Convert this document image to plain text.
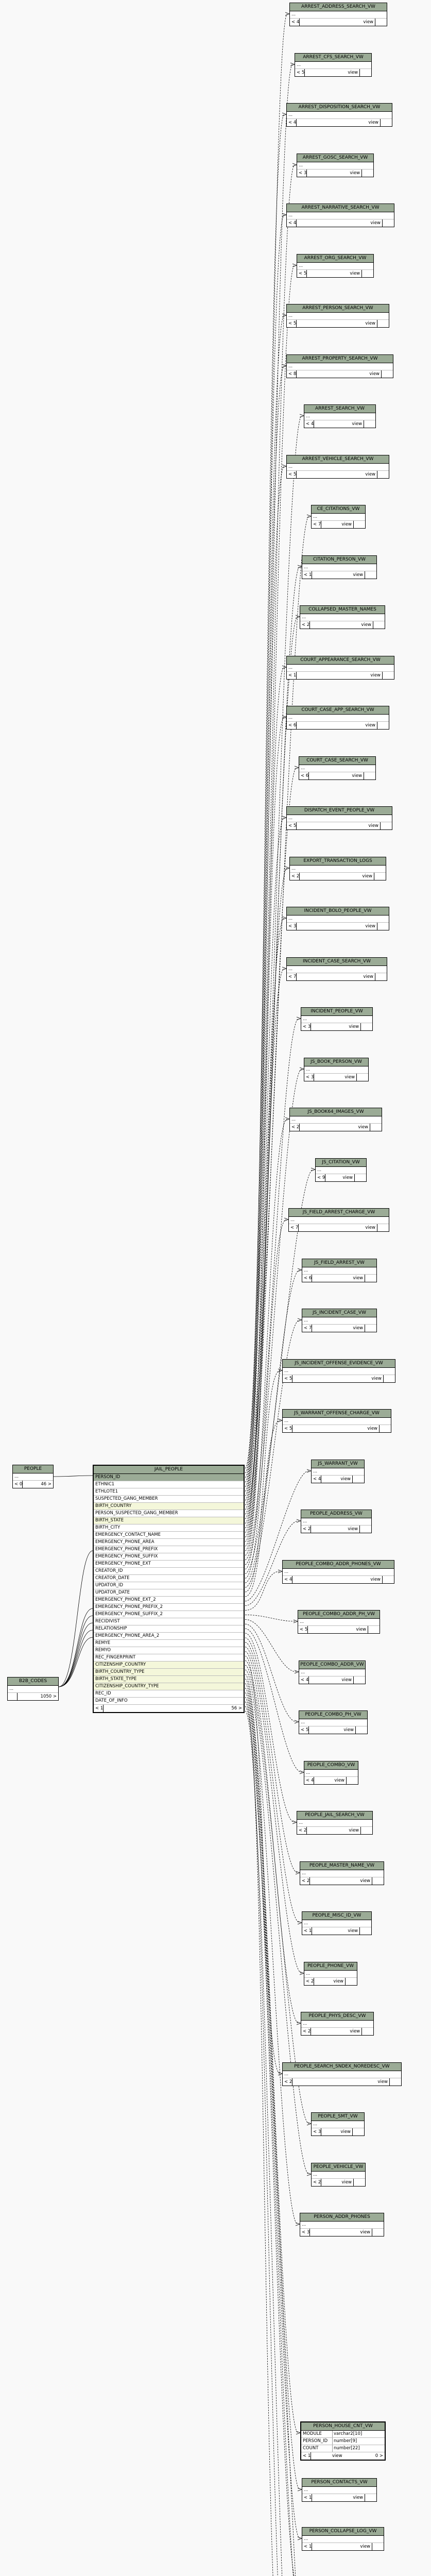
PEOPLE
...
< 0	46 >
B2B_CODES
...
1050 >
JAIL_PEOPLE
PERSON_ID
ETHNIC1
ETHLOTE1
SUSPECTED_GANG_MEMBER
BIRTH_COUNTRY
PERSON_SUSPECTED_GANG_MEMBER
BIRTH_STATE
BIRTH_CITY
EMERGENCY_CONTACT_NAME
EMERGENCY_PHONE_AREA
EMERGENCY_PHONE_PREFIX
EMERGENCY_PHONE_SUFFIX
EMERGENCY_PHONE_EXT
CREATOR_ID
CREATOR_DATE
UPDATOR_ID
UPDATOR_DATE
EMERGENCY_PHONE_EXT_2
EMERGENCY_PHONE_PREFIX_2
EMERGENCY_PHONE_SUFFIX_2
RECIDIVIST
RELATIONSHIP
EMERGENCY_PHONE_AREA_2
REMYE
REMYO
REC_FINGERPRINT
CITIZENSHIP_COUNTRY
BIRTH_COUNTRY_TYPE
BIRTH_STATE_TYPE
CITIZENSHIP_COUNTRY_TYPE
REC_ID
DATE_OF_INFO
< 1	56 >
ARREST_ADDRESS_SEARCH_VW
...
< 4	view
ARREST_CFS_SEARCH_VW
...
< 5	view
ARREST_DISPOSITION_SEARCH_VW
...
< 4	view
ARREST_GOSC_SEARCH_VW
...
< 3	view
ARREST_NARRATIVE_SEARCH_VW
...
< 4	view
ARREST_ORG_SEARCH_VW
...
< 5	view
ARREST_PERSON_SEARCH_VW
...
< 5	view
ARREST_PROPERTY_SEARCH_VW
...
< 8	view
ARREST_SEARCH_VW
...
< 4	view
ARREST_VEHICLE_SEARCH_VW
...
< 5	view
CE_CITATIONS_VW
...
< 7	view
CITATION_PERSON_VW
...
< 1	view
COLLAPSED_MASTER_NAMES
...
< 2	view
COURT_APPEARANCE_SEARCH_VW
...
< 1	view
COURT_CASE_APP_SEARCH_VW
...
< 6	view
COURT_CASE_SEARCH_VW
...
< 6	view
DISPATCH_EVENT_PEOPLE_VW
...
< 5	view
EXPORT_TRANSACTION_LOGS
...
< 2	view
INCIDENT_BOLO_PEOPLE_VW
...
< 3	view
INCIDENT_CASE_SEARCH_VW
...
< 7	view
INCIDENT_PEOPLE_VW
...
< 3	view
JS_BOOK_PERSON_VW
...
< 3	view
JS_BOOK64_IMAGES_VW
...
< 2	view
JS_CITATION_VW
...
< 9	view
JS_FIELD_ARREST_CHARGE_VW
...
< 7	view
JS_FIELD_ARREST_VW
...
< 6	view
JS_INCIDENT_CASE_VW
...
< 7	view
JS_INCIDENT_OFFENSE_EVIDENCE_VW
...
< 5	view
JS_WARRANT_OFFENSE_CHARGE_VW
...
< 5	view
JS_WARRANT_VW
...
< 4	view
PEOPLE_ADDRESS_VW
...
< 2	view
PEOPLE_COMBO_ADDR_PHONES_VW
...
< 4	view
PEOPLE_COMBO_ADDR_PH_VW
...
< 5	view
PEOPLE_COMBO_ADDR_VW
...
< 4	view
PEOPLE_COMBO_PH_VW
...
< 5	view
PEOPLE_COMBO_VW
...
< 4	view
PEOPLE_JAIL_SEARCH_VW
...
< 2	view
PEOPLE_MASTER_NAME_VW
...
< 2	view
PEOPLE_MISC_ID_VW
...
< 1	view
PEOPLE_PHONE_VW
...
< 2	view
PEOPLE_PHYS_DESC_VW
...
< 2	view
PEOPLE_SEARCH_SNDEX_NOREDESC_VW
...
< 2	view
PEOPLE_SMT_VW
...
< 3	view
PEOPLE_VEHICLE_VW
...
< 2	view
PERSON_ADDR_PHONES
...
< 3	view
PERSON_CONTACTS_VW
...
< 1	view
PERSON_COLLAPSE_LOG_VW
...
< 1	view
PERSON_HOUSE_CNT_VW
MODULE	varchar2[10]
PERSON_ID	number[9]
COUNT	number[22]
< 1	view	0 >
